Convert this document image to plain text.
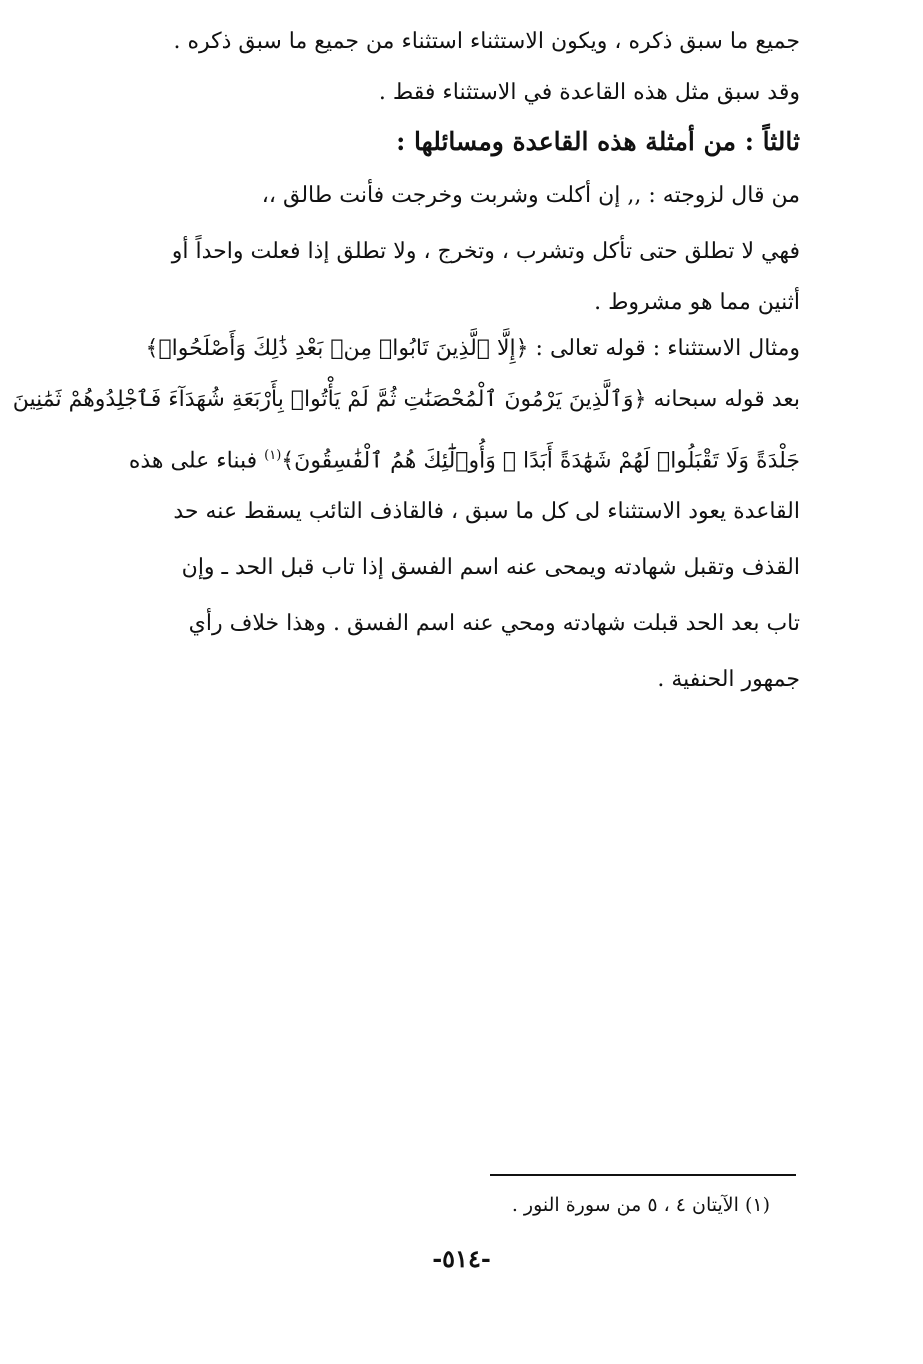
جميع ما سبق ذكره ، ويكون الاستثناء استثناء من جميع ما سبق ذكره .
وقد سبق مثل هذه القاعدة في الاستثناء فقط .
ثالثاً : من أمثلة هذه القاعدة ومسائلها :
من قال لزوجته : ,, إن أكلت وشربت وخرجت فأنت طالق ،،
فهي لا تطلق حتى تأكل وتشرب ، وتخرج ، ولا تطلق إذا فعلت واحداً أو
أثنين مما هو مشروط .
ومثال الاستثناء : قوله تعالى : ﴿إِلَّا ٱلَّذِينَ تَابُوا۟ مِنۢ بَعْدِ ذَٰلِكَ وَأَصْلَحُوا۟﴾
بعد قوله سبحانه ﴿وَٱلَّذِينَ يَرْمُونَ ٱلْمُحْصَنَٰتِ ثُمَّ لَمْ يَأْتُوا۟ بِأَرْبَعَةِ شُهَدَآءَ فَٱجْلِدُوهُمْ ثَمَٰنِينَ
جَلْدَةً وَلَا تَقْبَلُوا۟ لَهُمْ شَهَٰدَةً أَبَدًا ۚ وَأُو۟لَٰٓئِكَ هُمُ ٱلْفَٰسِقُونَ﴾$^{(١)}$ فبناء على هذه
القاعدة يعود الاستثناء لى كل ما سبق ، فالقاذف التائب يسقط عنه حد
القذف وتقبل شهادته ويمحى عنه اسم الفسق إذا تاب قبل الحد ـ وإن
تاب بعد الحد قبلت شهادته ومحي عنه اسم الفسق . وهذا خلاف رأي
جمهور الحنفية .
(١) الآيتان ٤ ، ٥ من سورة النور .
-٥١٤-
